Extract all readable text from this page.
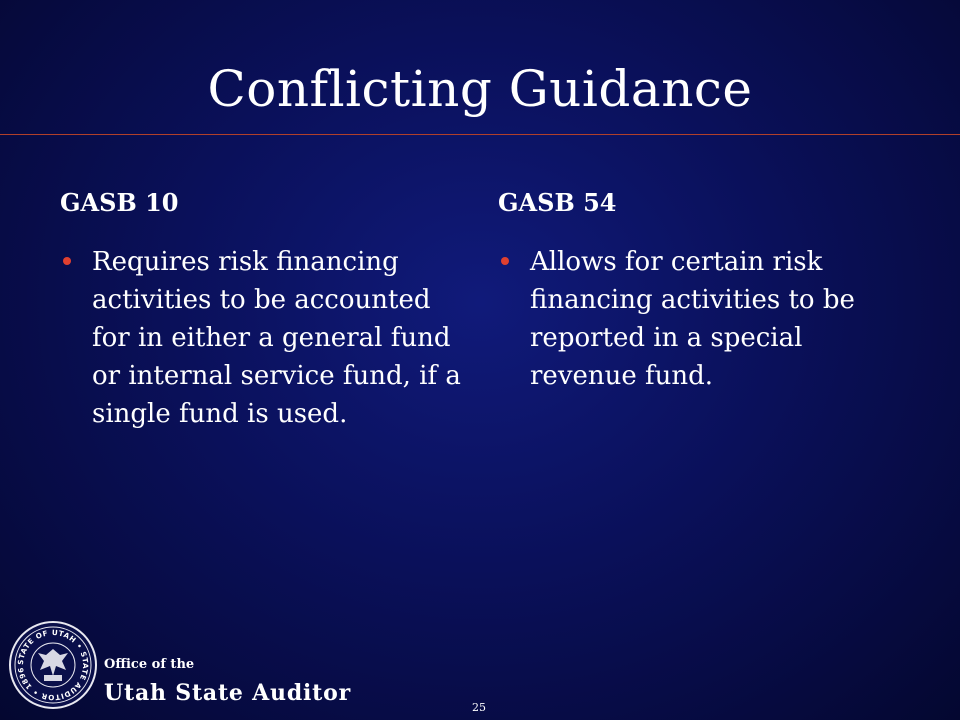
Conflicting Guidance
GASB 10
Requires risk financing activities to be accounted for in either a general fund or internal service fund, if a single fund is used.
GASB 54
Allows for certain risk financing activities to be reported in a special revenue fund.
STATE OF UTAH • STATE AUDITOR • 1896	Office of the
Utah State Auditor
25
